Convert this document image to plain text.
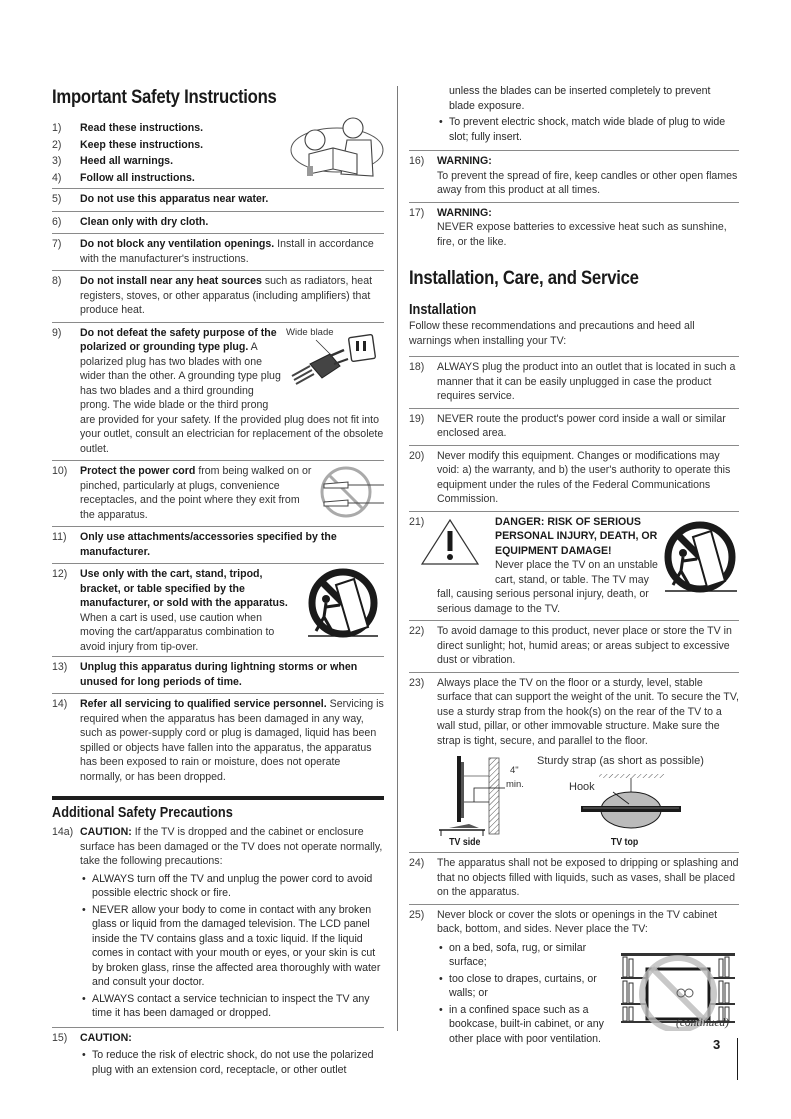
Important Safety Instructions
1) Read these instructions.
2) Keep these instructions.
3) Heed all warnings.
4) Follow all instructions.
5) Do not use this apparatus near water.
6) Clean only with dry cloth.
7) Do not block any ventilation openings. Install in accordance with the manufacturer's instructions.
8) Do not install near any heat sources such as radiators, heat registers, stoves, or other apparatus (including amplifiers) that produce heat.
9)	Wide blade
Do not defeat the safety purpose of the polarized or grounding type plug. A polarized plug has two blades with one wider than the other. A grounding type plug has two blades and a third grounding prong. The wide blade or the third prong are provided for your safety. If the provided plug does not fit into your outlet, consult an electrician for replacement of the obsolete outlet.
10) Protect the power cord from being walked on or pinched, particularly at plugs, convenience receptacles, and the point where they exit from the apparatus.
11) Only use attachments/accessories specified by the manufacturer.
12) Use only with the cart, stand, tripod, bracket, or table specified by the manufacturer, or sold with the apparatus. When a cart is used, use caution when moving the cart/apparatus combination to avoid injury from tip-over.
13) Unplug this apparatus during lightning storms or when unused for long periods of time.
14) Refer all servicing to qualified service personnel. Servicing is required when the apparatus has been damaged in any way, such as power-supply cord or plug is damaged, liquid has been spilled or objects have fallen into the apparatus, the apparatus has been exposed to rain or moisture, does not operate normally, or has been dropped.
Additional Safety Precautions
14a) CAUTION: If the TV is dropped and the cabinet or enclosure surface has been damaged or the TV does not operate normally, take the following precautions:
• ALWAYS turn off the TV and unplug the power cord to avoid possible electric shock or fire.
• NEVER allow your body to come in contact with any broken glass or liquid from the damaged television. The LCD panel inside the TV contains glass and a toxic liquid. If the liquid comes in contact with your mouth or eyes, or your skin is cut by broken glass, rinse the affected area thoroughly with water and consult your doctor.
• ALWAYS contact a service technician to inspect the TV any time it has been damaged or dropped.
15) CAUTION:
• To reduce the risk of electric shock, do not use the polarized plug with an extension cord, receptacle, or other outlet
unless the blades can be inserted completely to prevent blade exposure.
• To prevent electric shock, match wide blade of plug to wide slot; fully insert.
16) WARNING:
To prevent the spread of fire, keep candles or other open flames away from this product at all times.
17) WARNING:
NEVER expose batteries to excessive heat such as sunshine, fire, or the like.
Installation, Care, and Service
Installation
Follow these recommendations and precautions and heed all warnings when installing your TV:
18) ALWAYS plug the product into an outlet that is located in such a manner that it can be easily unplugged in case the product requires service.
19) NEVER route the product's power cord inside a wall or similar enclosed area.
20) Never modify this equipment. Changes or modifications may void: a) the warranty, and b) the user's authority to operate this equipment under the rules of the Federal Communications Commission.
21)	DANGER: RISK OF SERIOUS PERSONAL INJURY, DEATH, OR EQUIPMENT DAMAGE!
Never place the TV on an unstable cart, stand, or table. The TV may fall, causing serious personal injury, death, or serious damage to the TV.
22) To avoid damage to this product, never place or store the TV in direct sunlight; hot, humid areas; or areas subject to excessive dust or vibration.
23) Always place the TV on the floor or a sturdy, level, stable surface that can support the weight of the unit. To secure the TV, use a sturdy strap from the hook(s) on the rear of the TV to a wall stud, pillar, or other immovable structure. Make sure the strap is tight, secure, and parallel to the floor.
4"
min.
TV side
Sturdy strap (as short as possible)
Hook
TV top
24) The apparatus shall not be exposed to dripping or splashing and that no objects filled with liquids, such as vases, shall be placed on the apparatus.
25) Never block or cover the slots or openings in the TV cabinet back, bottom, and sides. Never place the TV:
• on a bed, sofa, rug, or similar surface;
• too close to drapes, curtains, or walls; or
• in a confined space such as a bookcase, built-in cabinet, or any other place with poor ventilation.
(continued)
3
